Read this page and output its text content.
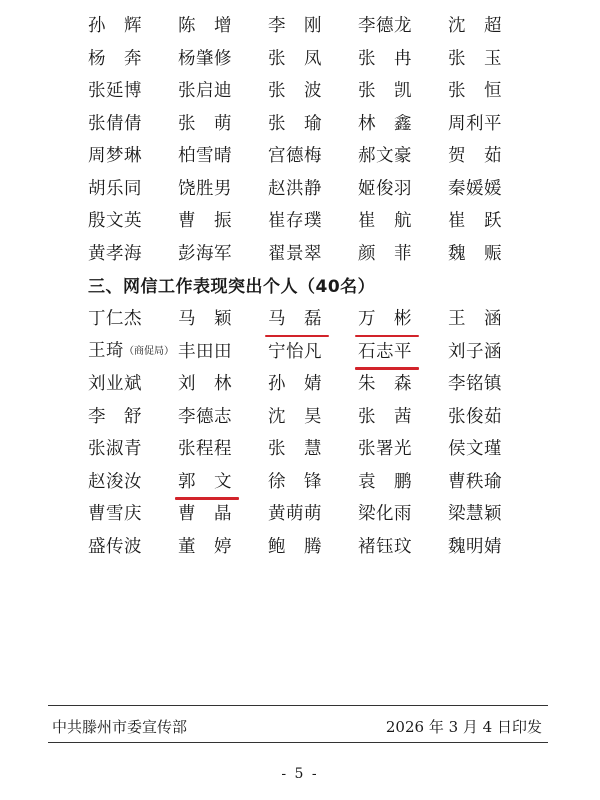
孙　辉	陈　增	李　刚	李德龙	沈　超
杨　奔	杨肇修	张　凤	张　冉	张　玉
张延博	张启迪	张　波	张　凯	张　恒
张倩倩	张　萌	张　瑜	林　鑫	周利平
周梦琳	柏雪晴	宫德梅	郝文豪	贺　茹
胡乐同	饶胜男	赵洪静	姬俊羽	秦媛媛
殷文英	曹　振	崔存璞	崔　航	崔　跃
黄孝海	彭海军	翟景翠	颜　菲	魏　赈
三、网信工作表现突出个人（40名）
丁仁杰	马　颖	马　磊	万　彬	王　涵
王琦（商促局） 丰田田	宁怡凡	石志平	刘子涵
刘业斌	刘　林	孙　婧	朱　森	李铭镇
李　舒	李德志	沈　昊	张　茜	张俊茹
张淑青	张程程	张　慧	张署光	侯文瑾
赵浚汝	郭　文	徐　锋	袁　鹏	曹秩瑜
曹雪庆	曹　晶	黄萌萌	梁化雨	梁慧颖
盛传波	董　婷	鲍　腾	褚钰玟	魏明婧
中共滕州市委宣传部	2026 年 3 月 4 日印发
- 5 -
